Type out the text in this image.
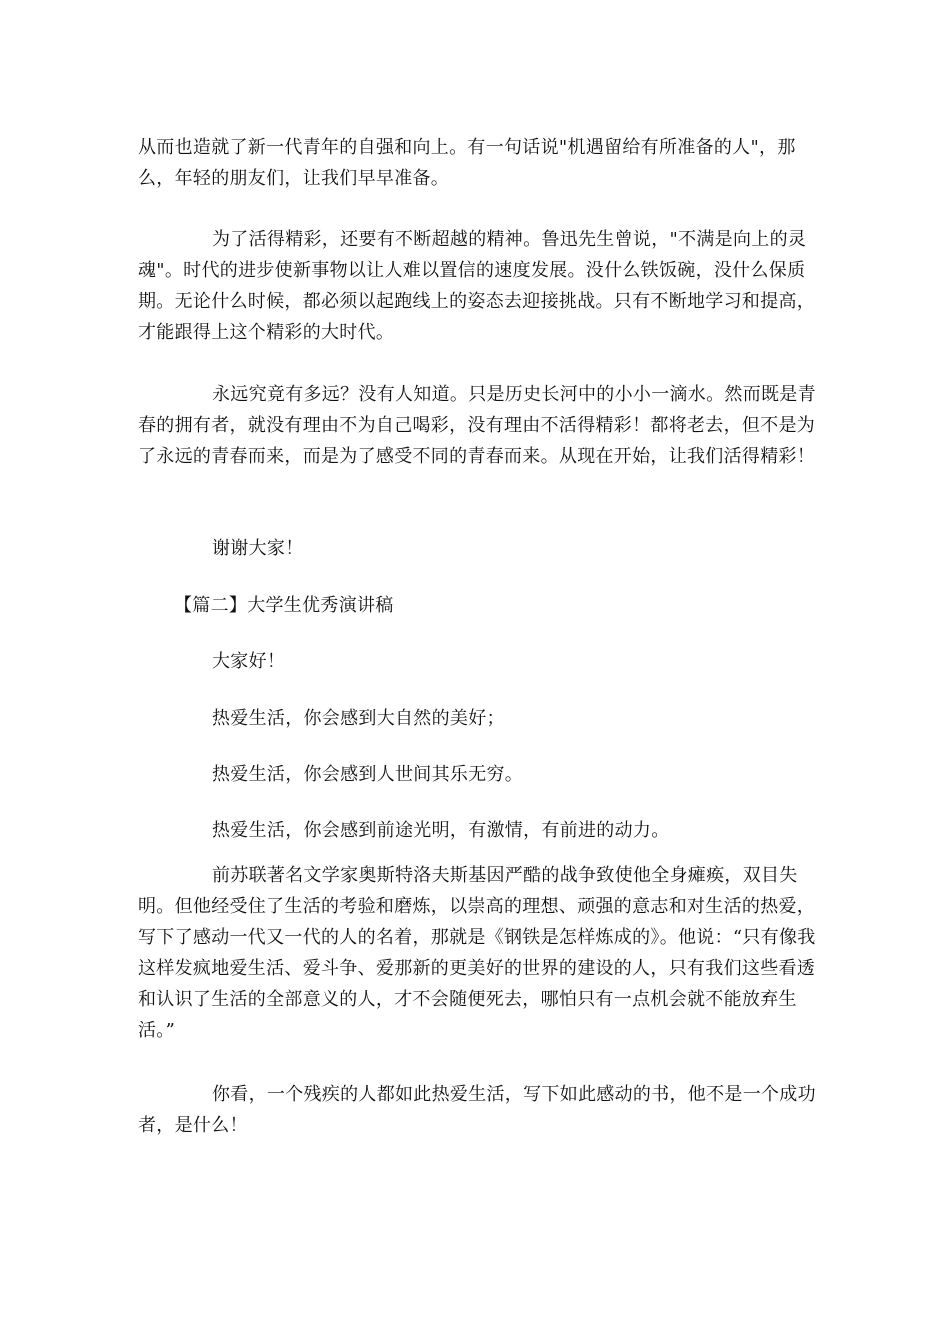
从而也造就了新一代青年的自强和向上。有一句话说"机遇留给有所准备的人"，那么，年轻的朋友们，让我们早早准备。

为了活得精彩，还要有不断超越的精神。鲁迅先生曾说，"不满是向上的灵魂"。时代的进步使新事物以让人难以置信的速度发展。没什么铁饭碗，没什么保质期。无论什么时候，都必须以起跑线上的姿态去迎接挑战。只有不断地学习和提高，才能跟得上这个精彩的大时代。

永远究竟有多远？没有人知道。只是历史长河中的小小一滴水。然而既是青春的拥有者，就没有理由不为自己喝彩，没有理由不活得精彩！都将老去，但不是为了永远的青春而来，而是为了感受不同的青春而来。从现在开始，让我们活得精彩！

谢谢大家！

【篇二】大学生优秀演讲稿

大家好！

热爱生活，你会感到大自然的美好；

热爱生活，你会感到人世间其乐无穷。

热爱生活，你会感到前途光明，有激情，有前进的动力。

前苏联著名文学家奥斯特洛夫斯基因严酷的战争致使他全身瘫痪，双目失明。但他经受住了生活的考验和磨炼，以崇高的理想、顽强的意志和对生活的热爱，写下了感动一代又一代的人的名着，那就是《钢铁是怎样炼成的》。他说：“只有像我这样发疯地爱生活、爱斗争、爱那新的更美好的世界的建设的人，只有我们这些看透和认识了生活的全部意义的人，才不会随便死去，哪怕只有一点机会就不能放弃生活。”

你看，一个残疾的人都如此热爱生活，写下如此感动的书，他不是一个成功者，是什么！
